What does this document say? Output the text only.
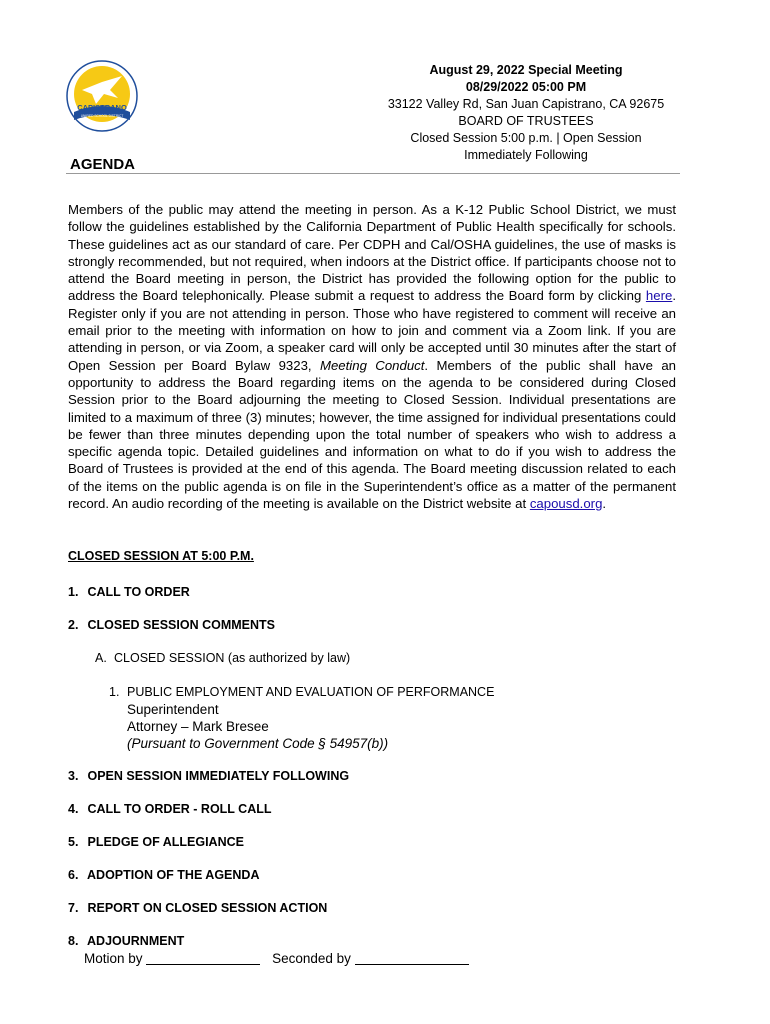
CAPISTRANO
UNIFIED SCHOOL DISTRICT
August 29, 2022 Special Meeting
08/29/2022 05:00 PM
33122 Valley Rd, San Juan Capistrano, CA 92675
BOARD OF TRUSTEES
Closed Session 5:00 p.m. | Open Session
Immediately Following
AGENDA
Members of the public may attend the meeting in person. As a K-12 Public School District, we must follow the guidelines established by the California Department of Public Health specifically for schools. These guidelines act as our standard of care. Per CDPH and Cal/OSHA guidelines, the use of masks is strongly recommended, but not required, when indoors at the District office. If participants choose not to attend the Board meeting in person, the District has provided the following option for the public to address the Board telephonically. Please submit a request to address the Board form by clicking here. Register only if you are not attending in person. Those who have registered to comment will receive an email prior to the meeting with information on how to join and comment via a Zoom link. If you are attending in person, or via Zoom, a speaker card will only be accepted until 30 minutes after the start of Open Session per Board Bylaw 9323, Meeting Conduct. Members of the public shall have an opportunity to address the Board regarding items on the agenda to be considered during Closed Session prior to the Board adjourning the meeting to Closed Session. Individual presentations are limited to a maximum of three (3) minutes; however, the time assigned for individual presentations could be fewer than three minutes depending upon the total number of speakers who wish to address a specific agenda topic. Detailed guidelines and information on what to do if you wish to address the Board of Trustees is provided at the end of this agenda. The Board meeting discussion related to each of the items on the public agenda is on file in the Superintendent’s office as a matter of the permanent record. An audio recording of the meeting is available on the District website at capousd.org.
CLOSED SESSION AT 5:00 P.M.
1. CALL TO ORDER
2. CLOSED SESSION COMMENTS
A. CLOSED SESSION (as authorized by law)
1. PUBLIC EMPLOYMENT AND EVALUATION OF PERFORMANCE
Superintendent
Attorney – Mark Bresee
(Pursuant to Government Code § 54957(b))
3. OPEN SESSION IMMEDIATELY FOLLOWING
4. CALL TO ORDER - ROLL CALL
5. PLEDGE OF ALLEGIANCE
6. ADOPTION OF THE AGENDA
7. REPORT ON CLOSED SESSION ACTION
8. ADJOURNMENT
Motion by	Seconded by
